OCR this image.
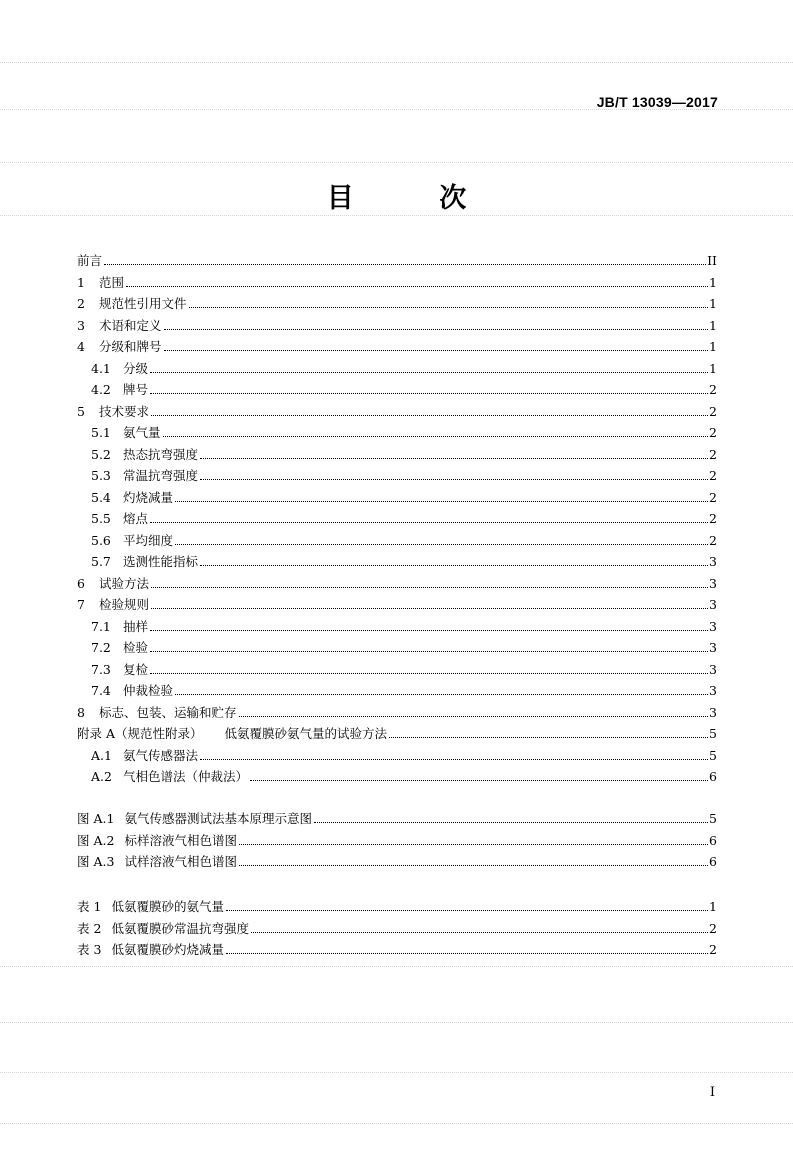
JB/T 13039—2017
目 次
前言	II
1	范围	1
2	规范性引用文件	1
3	术语和定义	1
4	分级和牌号	1
4.1 分级	1
4.2 牌号	2
5	技术要求	2
5.1 氨气量	2
5.2 热态抗弯强度	2
5.3 常温抗弯强度	2
5.4 灼烧减量	2
5.5 熔点	2
5.6 平均细度	2
5.7 选测性能指标	3
6	试验方法	3
7	检验规则	3
7.1 抽样	3
7.2 检验	3
7.3 复检	3
7.4 仲裁检验	3
8	标志、包装、运输和贮存	3
附录 A（规范性附录） 低氨覆膜砂氨气量的试验方法	5
A.1 氨气传感器法	5
A.2 气相色谱法（仲裁法）	6
图 A.1 氨气传感器测试法基本原理示意图	5
图 A.2 标样溶液气相色谱图	6
图 A.3 试样溶液气相色谱图	6
表 1 低氨覆膜砂的氨气量	1
表 2 低氨覆膜砂常温抗弯强度	2
表 3 低氨覆膜砂灼烧减量	2
I
